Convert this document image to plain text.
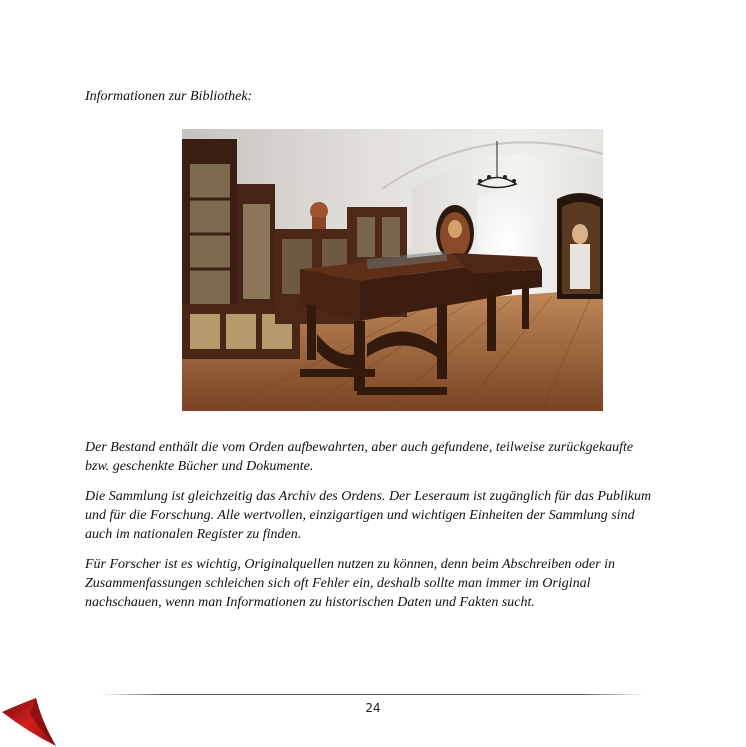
Informationen zur Bibliothek:

Der Bestand enthält die vom Orden aufbewahrten, aber auch gefundene, teilweise zurückgekaufte bzw. geschenkte Bücher und Dokumente.

Die Sammlung ist gleichzeitig das Archiv des Ordens. Der Leseraum ist zugänglich für das Publikum und für die Forschung. Alle wertvollen, einzigartigen und wichtigen Einheiten der Sammlung sind auch im nationalen Register zu finden.

Für Forscher ist es wichtig, Originalquellen nutzen zu können, denn beim Abschreiben oder in Zusammenfassungen schleichen sich oft Fehler ein, deshalb sollte man immer im Original nachschauen, wenn man Informationen zu historischen Daten und Fakten sucht.

24
